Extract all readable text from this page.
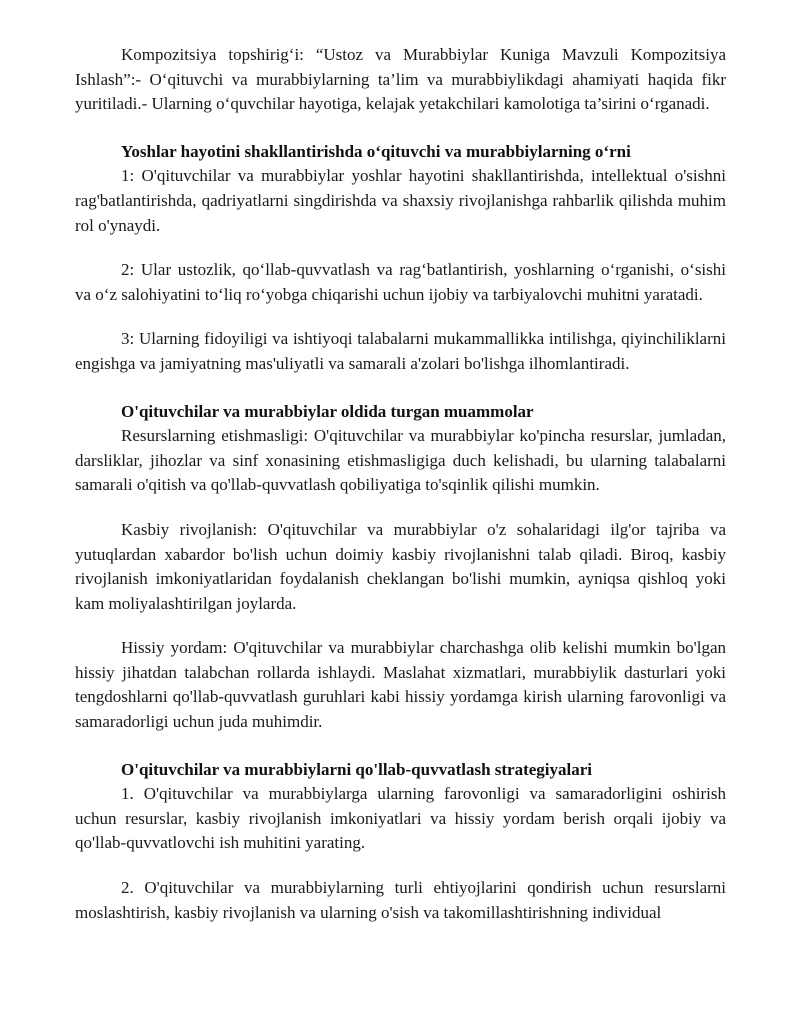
Kompozitsiya topshirig‘i: “Ustoz va Murabbiylar Kuniga Mavzuli Kompozitsiya Ishlash”:- O‘qituvchi va murabbiylarning ta’lim va murabbiylikdagi ahamiyati haqida fikr yuritiladi.- Ularning o‘quvchilar hayotiga, kelajak yetakchilari kamolotiga ta’sirini o‘rganadi.

Yoshlar hayotini shakllantirishda o‘qituvchi va murabbiylarning o‘rni

1: O'qituvchilar va murabbiylar yoshlar hayotini shakllantirishda, intellektual o'sishni rag'batlantirishda, qadriyatlarni singdirishda va shaxsiy rivojlanishga rahbarlik qilishda muhim rol o'ynaydi.

2: Ular ustozlik, qo‘llab-quvvatlash va rag‘batlantirish, yoshlarning o‘rganishi, o‘sishi va o‘z salohiyatini to‘liq ro‘yobga chiqarishi uchun ijobiy va tarbiyalovchi muhitni yaratadi.

3: Ularning fidoyiligi va ishtiyoqi talabalarni mukammallikka intilishga, qiyinchiliklarni engishga va jamiyatning mas'uliyatli va samarali a'zolari bo'lishga ilhomlantiradi.

O'qituvchilar va murabbiylar oldida turgan muammolar

Resurslarning etishmasligi: O'qituvchilar va murabbiylar ko'pincha resurslar, jumladan, darsliklar, jihozlar va sinf xonasining etishmasligiga duch kelishadi, bu ularning talabalarni samarali o'qitish va qo'llab-quvvatlash qobiliyatiga to'sqinlik qilishi mumkin.

Kasbiy rivojlanish: O'qituvchilar va murabbiylar o'z sohalaridagi ilg'or tajriba va yutuqlardan xabardor bo'lish uchun doimiy kasbiy rivojlanishni talab qiladi. Biroq, kasbiy rivojlanish imkoniyatlaridan foydalanish cheklangan bo'lishi mumkin, ayniqsa qishloq yoki kam moliyalashtirilgan joylarda.

Hissiy yordam: O'qituvchilar va murabbiylar charchashga olib kelishi mumkin bo'lgan hissiy jihatdan talabchan rollarda ishlaydi. Maslahat xizmatlari, murabbiylik dasturlari yoki tengdoshlarni qo'llab-quvvatlash guruhlari kabi hissiy yordamga kirish ularning farovonligi va samaradorligi uchun juda muhimdir.

O'qituvchilar va murabbiylarni qo'llab-quvvatlash strategiyalari

1. O'qituvchilar va murabbiylarga ularning farovonligi va samaradorligini oshirish uchun resurslar, kasbiy rivojlanish imkoniyatlari va hissiy yordam berish orqali ijobiy va qo'llab-quvvatlovchi ish muhitini yarating.

2. O'qituvchilar va murabbiylarning turli ehtiyojlarini qondirish uchun resurslarni moslashtirish, kasbiy rivojlanish va ularning o'sish va takomillashtirishning individual
